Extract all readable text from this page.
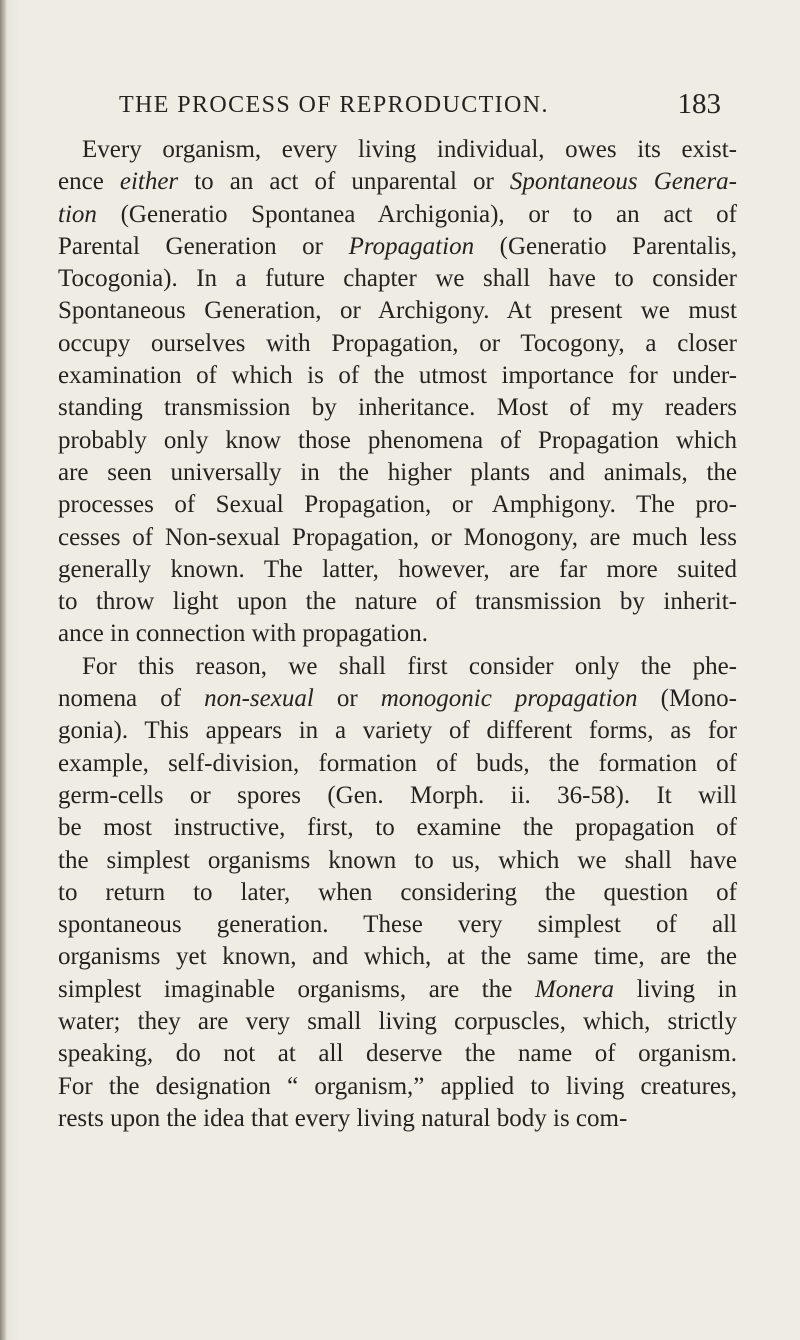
THE PROCESS OF REPRODUCTION.	183
Every organism, every living individual, owes its exist-
ence either to an act of unparental or Spontaneous Genera-
tion (Generatio Spontanea Archigonia), or to an act of
Parental Generation or Propagation (Generatio Parentalis,
Tocogonia). In a future chapter we shall have to consider
Spontaneous Generation, or Archigony. At present we must
occupy ourselves with Propagation, or Tocogony, a closer
examination of which is of the utmost importance for under-
standing transmission by inheritance. Most of my readers
probably only know those phenomena of Propagation which
are seen universally in the higher plants and animals, the
processes of Sexual Propagation, or Amphigony. The pro-
cesses of Non-sexual Propagation, or Monogony, are much less
generally known. The latter, however, are far more suited
to throw light upon the nature of transmission by inherit-
ance in connection with propagation.
For this reason, we shall first consider only the phe-
nomena of non-sexual or monogonic propagation (Mono-
gonia). This appears in a variety of different forms, as for
example, self-division, formation of buds, the formation of
germ-cells or spores (Gen. Morph. ii. 36-58). It will
be most instructive, first, to examine the propagation of
the simplest organisms known to us, which we shall have
to return to later, when considering the question of
spontaneous generation. These very simplest of all
organisms yet known, and which, at the same time, are the
simplest imaginable organisms, are the Monera living in
water; they are very small living corpuscles, which, strictly
speaking, do not at all deserve the name of organism.
For the designation “ organism,” applied to living creatures,
rests upon the idea that every living natural body is com-
